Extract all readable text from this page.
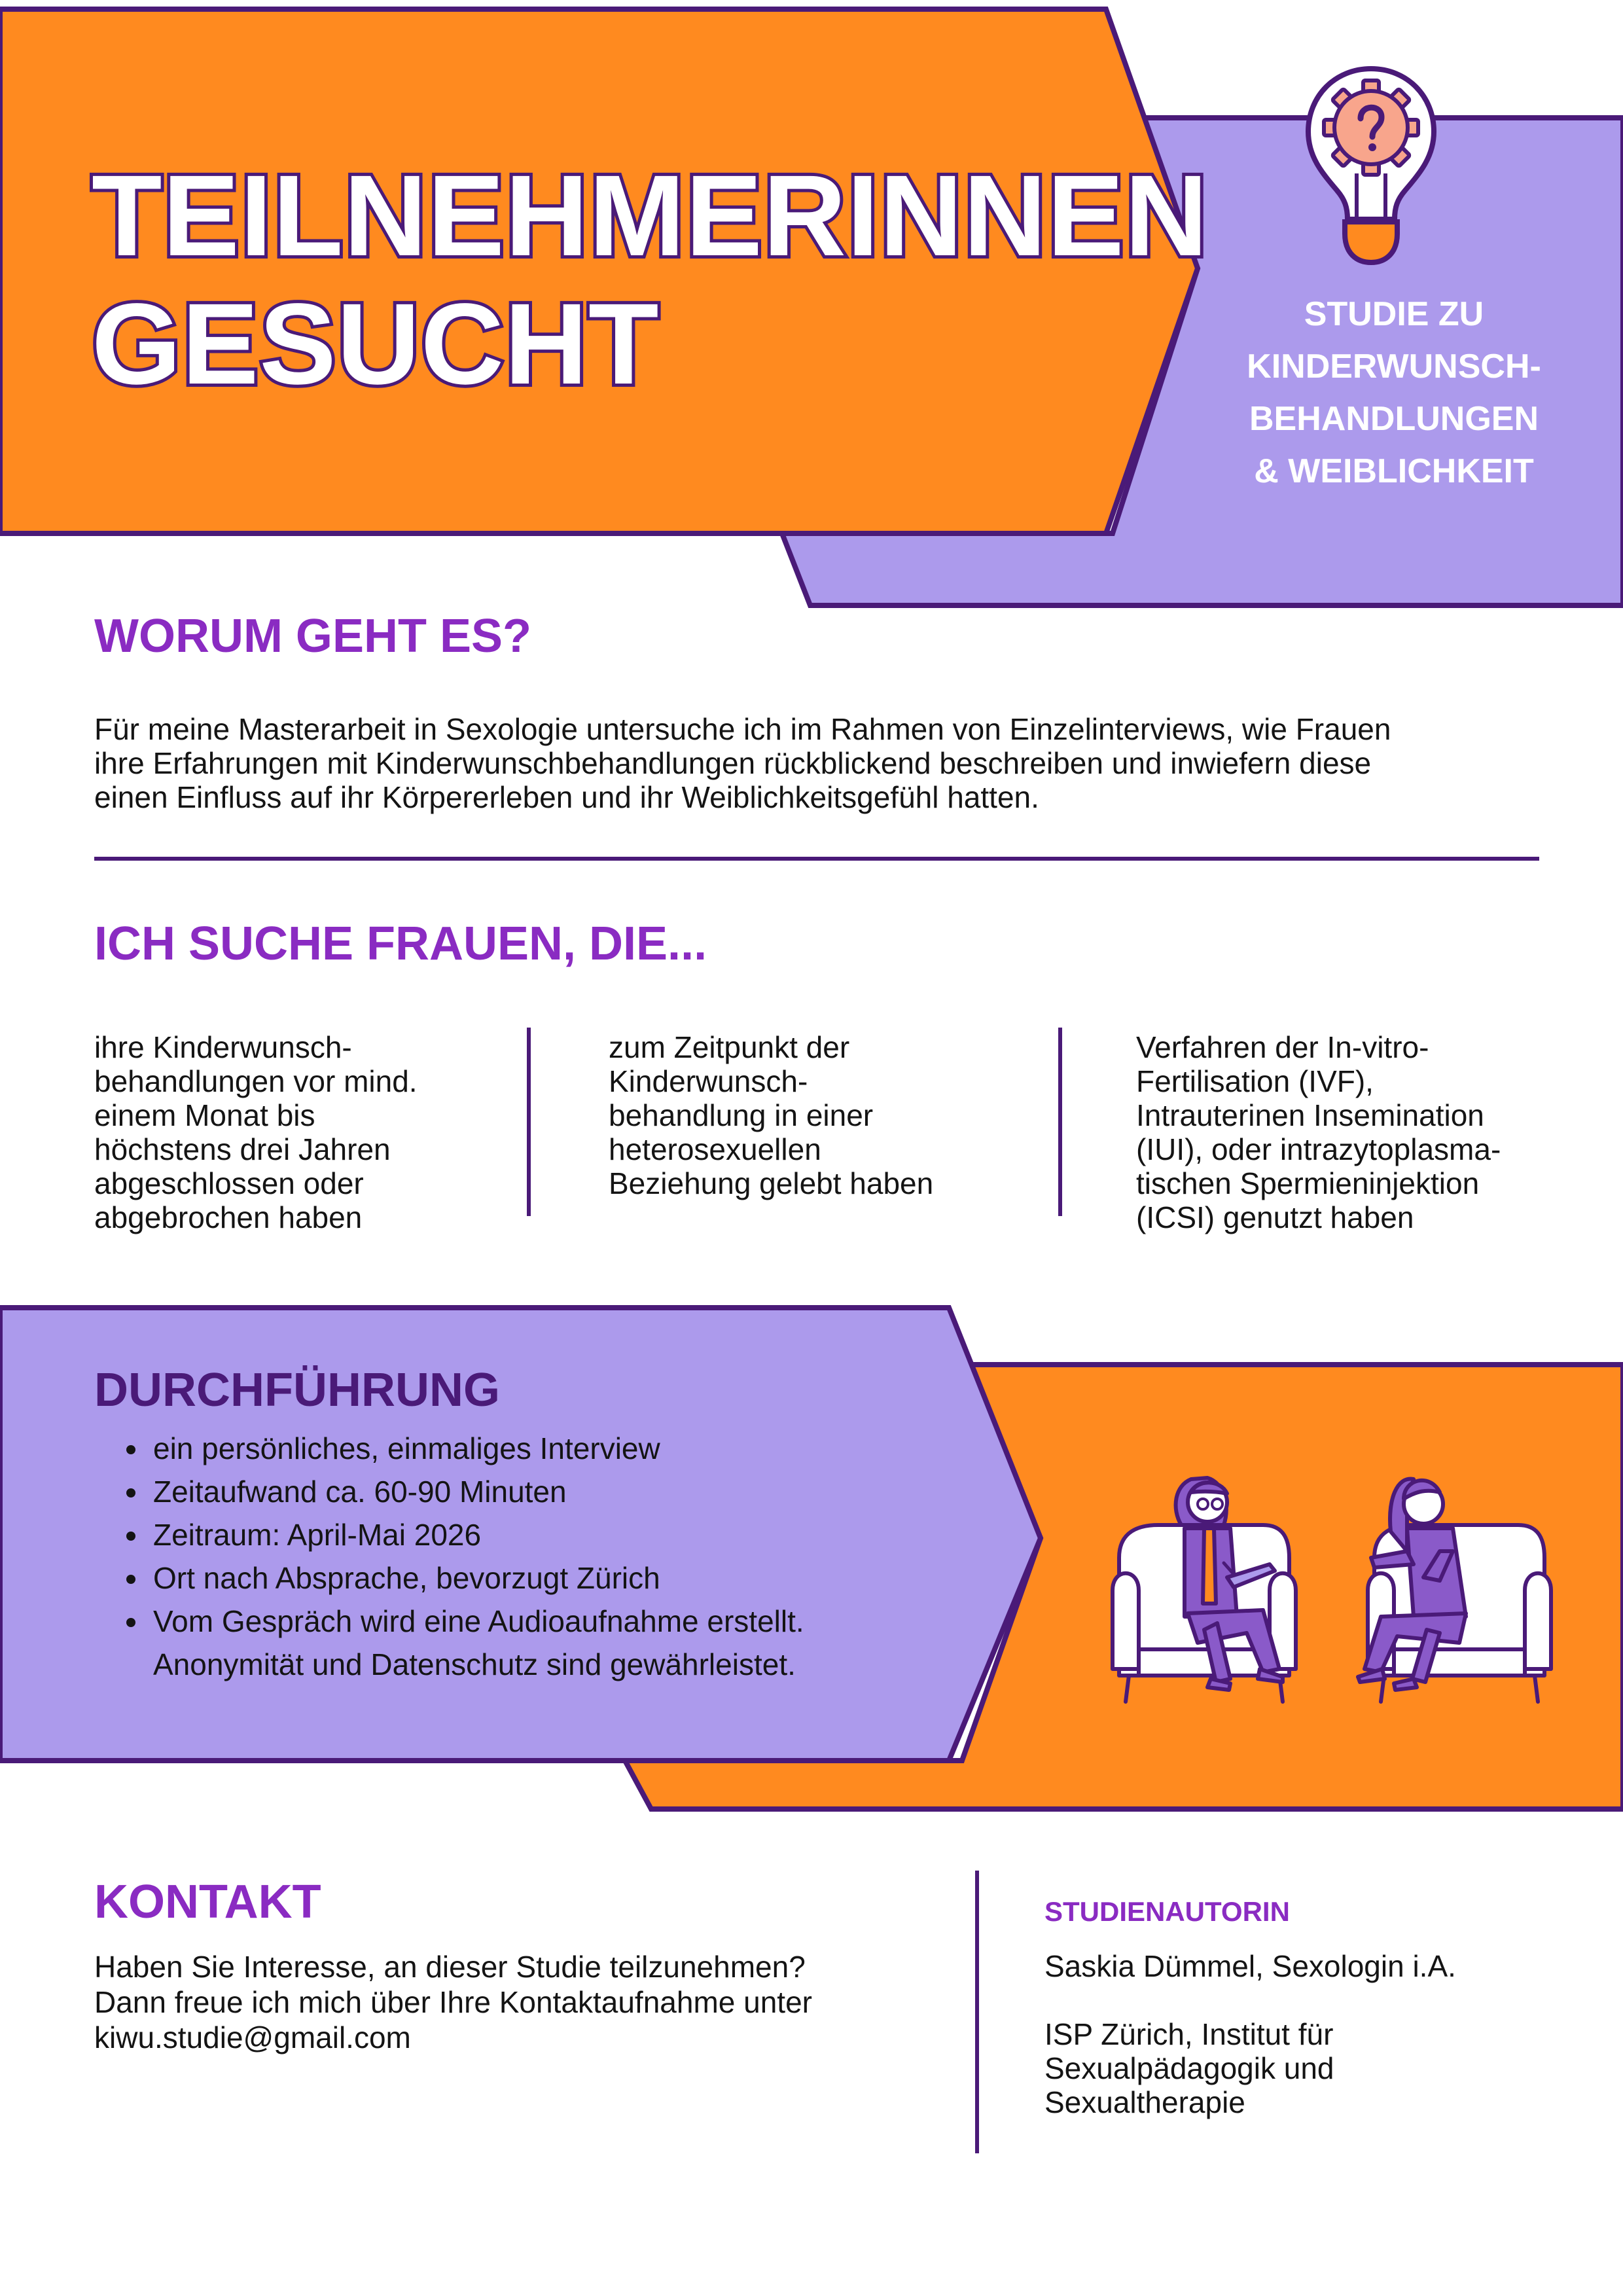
TEILNEHMERINNEN
GESUCHT	STUDIE ZU
KINDERWUNSCH-
BEHANDLUNGEN
& WEIBLICHKEIT
WORUM GEHT ES?
Für meine Masterarbeit in Sexologie untersuche ich im Rahmen von Einzelinterviews, wie Frauen
ihre Erfahrungen mit Kinderwunschbehandlungen rückblickend beschreiben und inwiefern diese
einen Einfluss auf ihr Körpererleben und ihr Weiblichkeitsgefühl hatten.
ICH SUCHE FRAUEN, DIE...
ihre Kinderwunsch-
behandlungen vor mind.
einem Monat bis
höchstens drei Jahren
abgeschlossen oder
abgebrochen haben
zum Zeitpunkt der
Kinderwunsch-
behandlung in einer
heterosexuellen
Beziehung gelebt haben
Verfahren der In-vitro-
Fertilisation (IVF),
Intrauterinen Insemination
(IUI), oder intrazytoplasma-
tischen Spermieninjektion
(ICSI) genutzt haben
DURCHFÜHRUNG
• ein persönliches, einmaliges Interview
• Zeitaufwand ca. 60-90 Minuten
• Zeitraum: April-Mai 2026
• Ort nach Absprache, bevorzugt Zürich
• Vom Gespräch wird eine Audioaufnahme erstellt.
Anonymität und Datenschutz sind gewährleistet.
KONTAKT
Haben Sie Interesse, an dieser Studie teilzunehmen?
Dann freue ich mich über Ihre Kontaktaufnahme unter
kiwu.studie@gmail.com
STUDIENAUTORIN
Saskia Dümmel, Sexologin i.A.
ISP Zürich, Institut für
Sexualpädagogik und
Sexualtherapie
